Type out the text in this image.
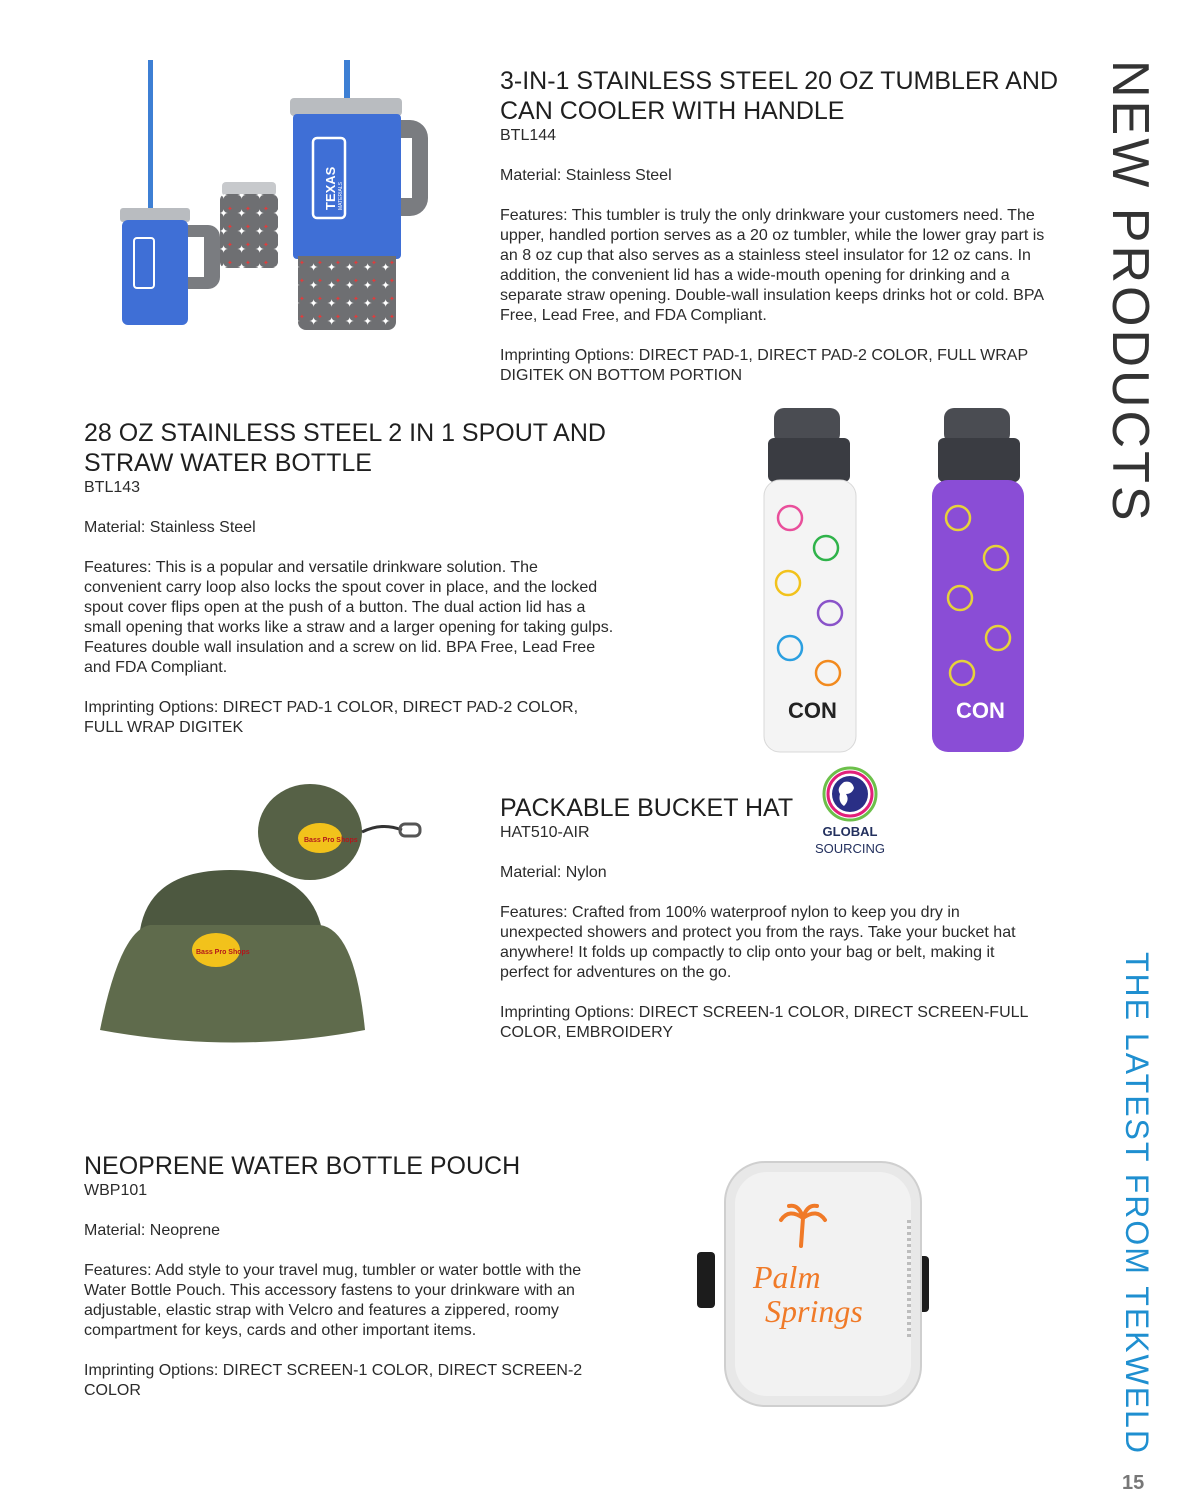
NEW PRODUCTS
THE LATEST FROM TEKWELD

15

TEXAS MATERIALS
3-IN-1 STAINLESS STEEL 20 OZ TUMBLER AND CAN COOLER WITH HANDLE

BTL144

Material: Stainless Steel

Features: This tumbler is truly the only drinkware your customers need. The upper, handled portion serves as a 20 oz tumbler, while the lower gray part is an 8 oz cup that also serves as a stainless steel insulator for 12 oz cans. In addition, the convenient lid has a wide-mouth opening for drinking and a separate straw opening. Double-wall insulation keeps drinks hot or cold. BPA Free, Lead Free, and FDA Compliant.

Imprinting Options: DIRECT PAD-1, DIRECT PAD-2 COLOR, FULL WRAP DIGITEK ON BOTTOM PORTION

28 OZ STAINLESS STEEL 2 IN 1 SPOUT AND STRAW WATER BOTTLE

BTL143

Material: Stainless Steel

Features: This is a popular and versatile drinkware solution. The convenient carry loop also locks the spout cover in place, and the locked spout cover flips open at the push of a button. The dual action lid has a small opening that works like a straw and a larger opening for taking gulps. Features double wall insulation and a screw on lid. BPA Free, Lead Free and FDA Compliant.

Imprinting Options: DIRECT PAD-1 COLOR, DIRECT PAD-2 COLOR, FULL WRAP DIGITEK

CON	CON
Bass Pro Shops
Bass Pro Shops
PACKABLE BUCKET HAT

HAT510-AIR

Material: Nylon

Features: Crafted from 100% waterproof nylon to keep you dry in unexpected showers and protect you from the rays. Take your bucket hat anywhere! It folds up compactly to clip onto your bag or belt, making it perfect for adventures on the go.

Imprinting Options: DIRECT SCREEN-1 COLOR, DIRECT SCREEN-FULL COLOR, EMBROIDERY

GLOBAL
SOURCING
NEOPRENE WATER BOTTLE POUCH

WBP101

Material: Neoprene

Features: Add style to your travel mug, tumbler or water bottle with the Water Bottle Pouch. This accessory fastens to your drinkware with an adjustable, elastic strap with Velcro and features a zippered, roomy compartment for keys, cards and other important items.

Imprinting Options: DIRECT SCREEN-1 COLOR, DIRECT SCREEN-2 COLOR

Palm
Springs
